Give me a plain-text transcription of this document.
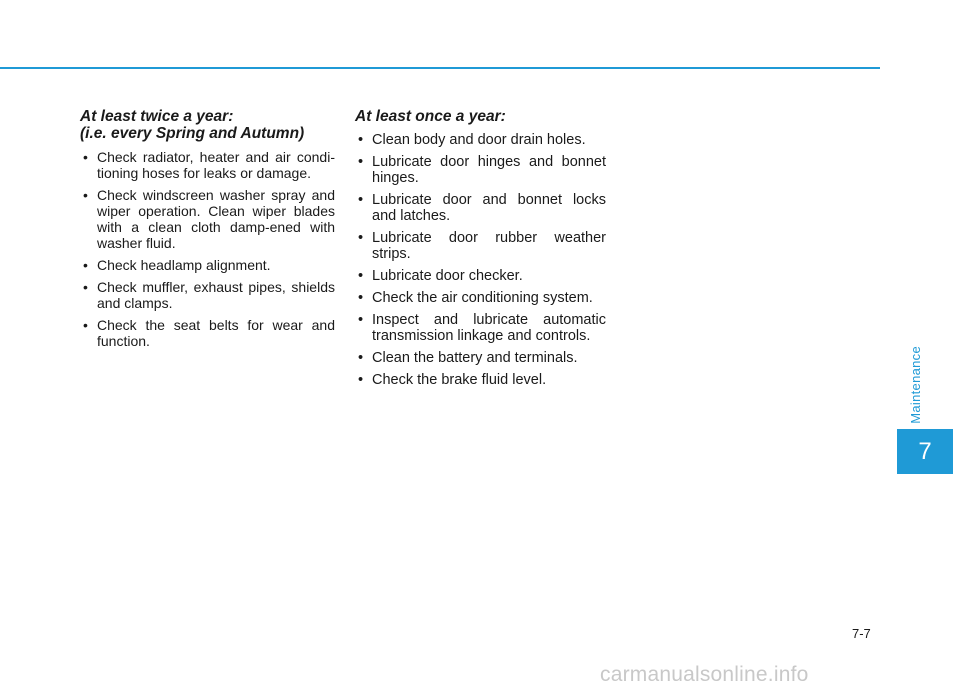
At least twice a year:
(i.e. every Spring and Autumn)
• Check radiator, heater and air condi-tioning hoses for leaks or damage.
• Check windscreen washer spray and wiper operation. Clean wiper blades with a clean cloth damp-ened with washer fluid.
• Check headlamp alignment.
• Check muffler, exhaust pipes, shields and clamps.
• Check the seat belts for wear and function.
At least once a year:
• Clean body and door drain holes.
• Lubricate door hinges and bonnet hinges.
• Lubricate door and bonnet locks and latches.
• Lubricate door rubber weather strips.
• Lubricate door checker.
• Check the air conditioning system.
• Inspect and lubricate automatic transmission linkage and controls.
• Clean the battery and terminals.
• Check the brake fluid level.	Maintenance
7
7-7
carmanualsonline.info
